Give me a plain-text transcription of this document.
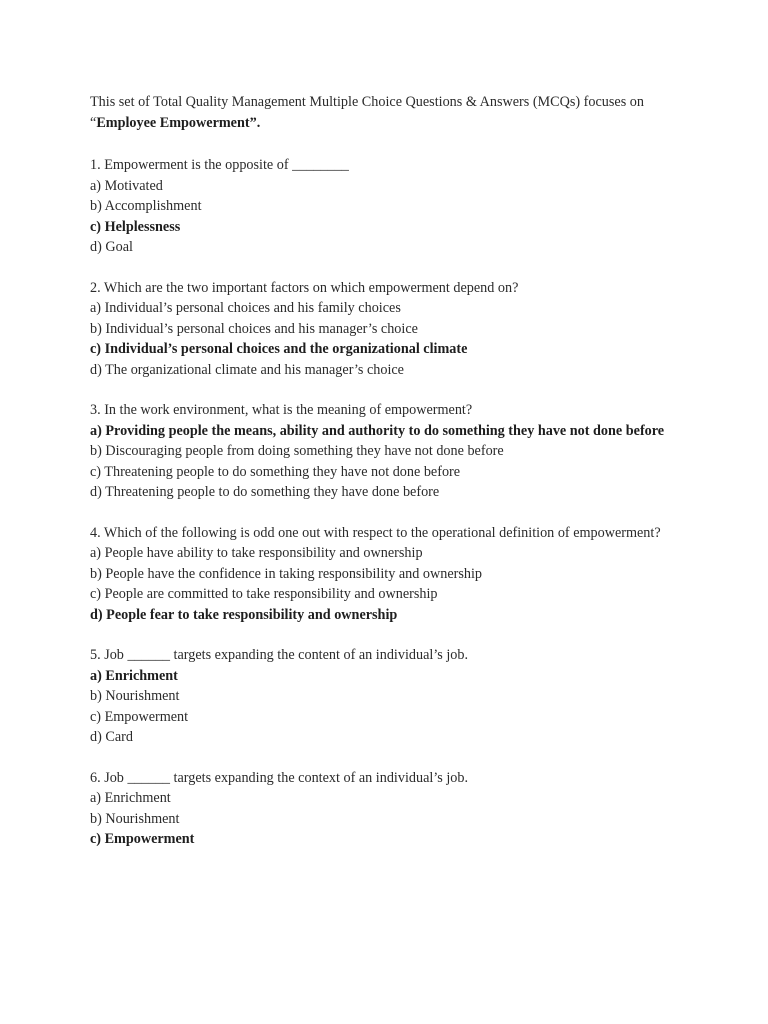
This set of Total Quality Management Multiple Choice Questions & Answers (MCQs) focuses on “Employee Empowerment”.

1. Empowerment is the opposite of ________

a) Motivated

b) Accomplishment

c) Helplessness

d) Goal

2. Which are the two important factors on which empowerment depend on?

a) Individual’s personal choices and his family choices

b) Individual’s personal choices and his manager’s choice

c) Individual’s personal choices and the organizational climate

d) The organizational climate and his manager’s choice

3. In the work environment, what is the meaning of empowerment?

a) Providing people the means, ability and authority to do something they have not done before

b) Discouraging people from doing something they have not done before

c) Threatening people to do something they have not done before

d) Threatening people to do something they have done before

4. Which of the following is odd one out with respect to the operational definition of empowerment?

a) People have ability to take responsibility and ownership

b) People have the confidence in taking responsibility and ownership

c) People are committed to take responsibility and ownership

d) People fear to take responsibility and ownership

5. Job ______ targets expanding the content of an individual’s job.

a) Enrichment

b) Nourishment

c) Empowerment

d) Card

6. Job ______ targets expanding the context of an individual’s job.

a) Enrichment

b) Nourishment

c) Empowerment
